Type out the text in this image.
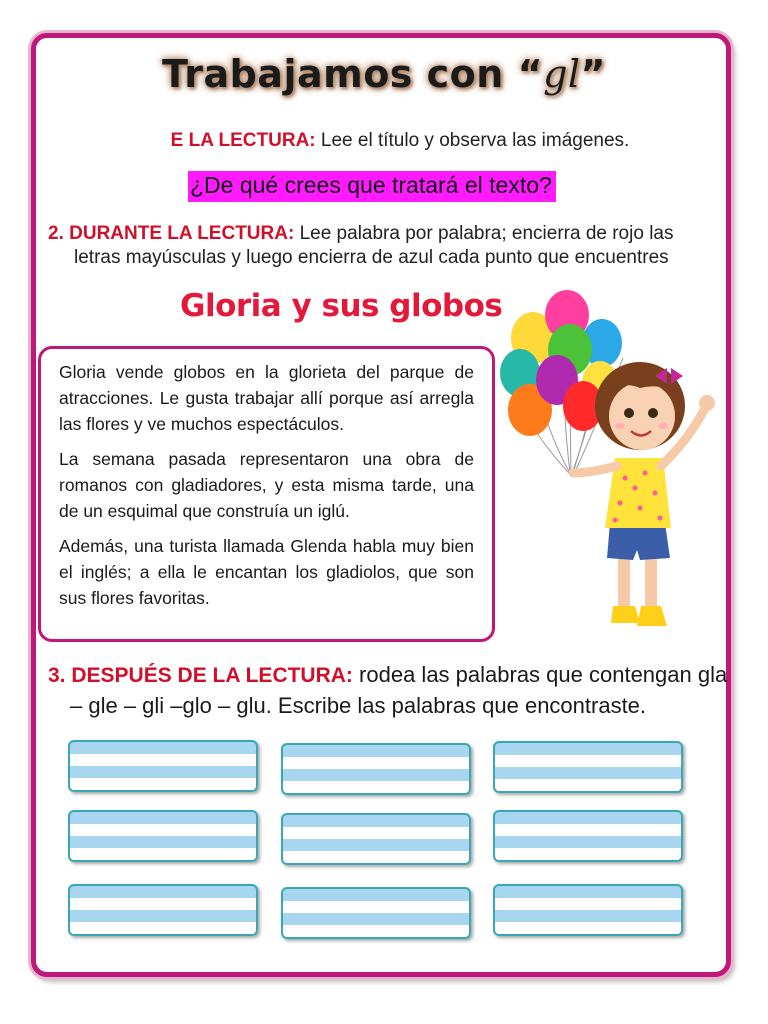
Trabajamos con “gl”
E LA LECTURA: Lee el título y observa las imágenes.
¿De qué crees que tratará el texto?
2. DURANTE LA LECTURA: Lee palabra por palabra; encierra de rojo las
letras mayúsculas y luego encierra de azul cada punto que encuentres
Gloria y sus globos

Gloria vende globos en la glorieta del parque de atracciones. Le gusta trabajar allí porque así arregla las flores y ve muchos espectáculos.

La semana pasada representaron una obra de romanos con gladiadores, y esta misma tarde, una de un esquimal que construía un iglú.

Además, una turista llamada Glenda habla muy bien el inglés; a ella le encantan los gladiolos, que son sus flores favoritas.

3. DESPUÉS DE LA LECTURA: rodea las palabras que contengan gla
– gle – gli –glo – glu. Escribe las palabras que encontraste.
